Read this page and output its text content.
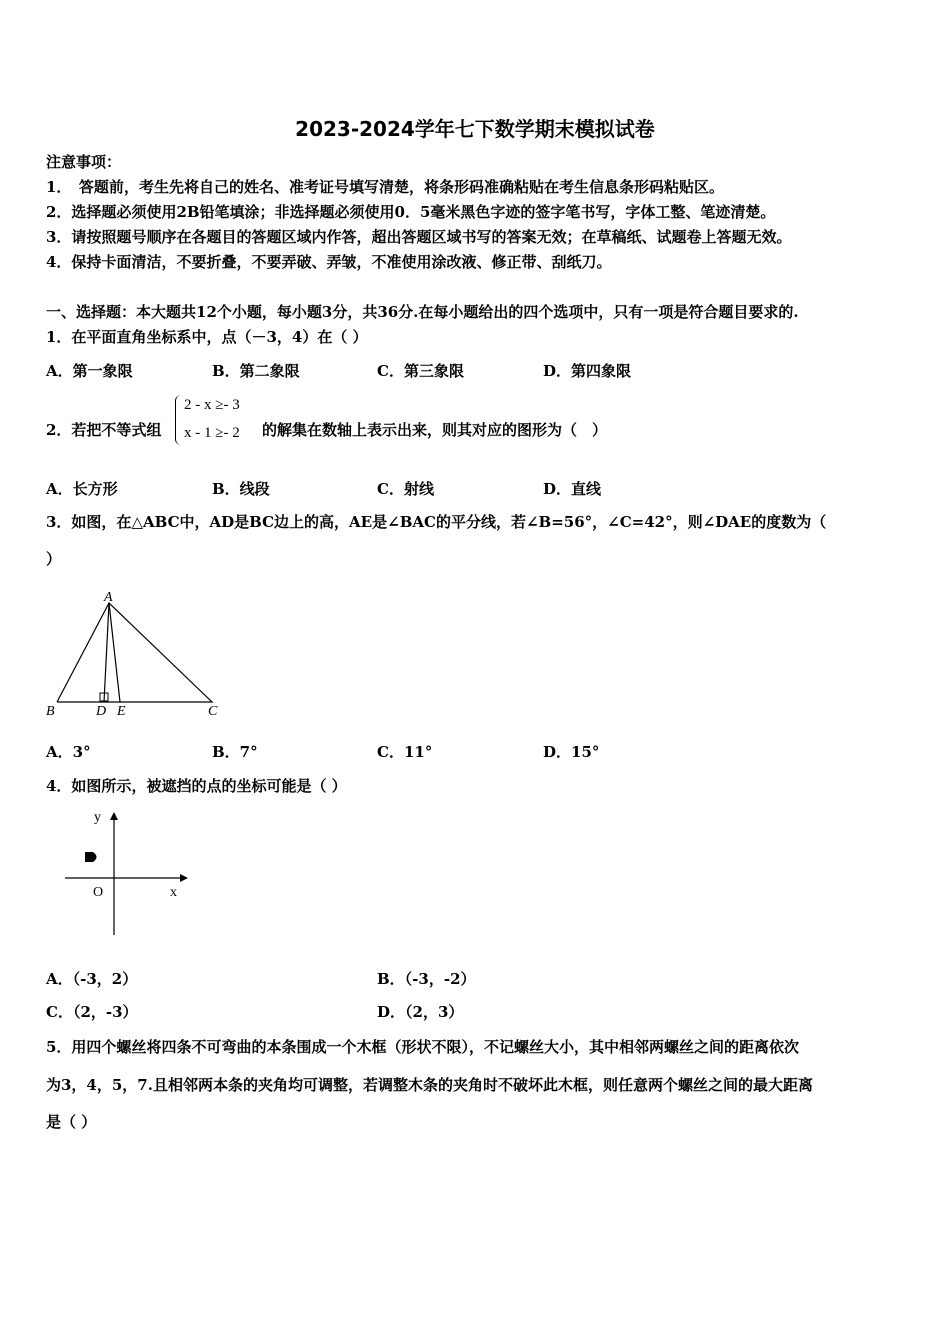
2023-2024学年七下数学期末模拟试卷
注意事项：
1．　答题前，考生先将自己的姓名、准考证号填写清楚，将条形码准确粘贴在考生信息条形码粘贴区。
2．选择题必须使用2B铅笔填涂；非选择题必须使用0．5毫米黑色字迹的签字笔书写，字体工整、笔迹清楚。
3．请按照题号顺序在各题目的答题区域内作答，超出答题区域书写的答案无效；在草稿纸、试题卷上答题无效。
4．保持卡面清洁，不要折叠，不要弄破、弄皱，不准使用涂改液、修正带、刮纸刀。
一、选择题：本大题共12个小题，每小题3分，共36分.在每小题给出的四个选项中，只有一项是符合题目要求的.
1．在平面直角坐标系中，点（－3，4）在（ ）
A．第一象限	B．第二象限	C．第三象限	D．第四象限
2．若把不等式组
2 - x ≥- 3
x - 1 ≥- 2 的解集在数轴上表示出来，则其对应的图形为（　）
A．长方形	B．线段	C．射线	D．直线
3．如图，在△ABC中，AD是BC边上的高，AE是∠BAC的平分线，若∠B=56°，∠C=42°，则∠DAE的度数为（
）
A
B	D E	C
A．3°	B．7°	C．11°	D．15°
4．如图所示，被遮挡的点的坐标可能是（ ）
y
O	x
A．（-3，2）	B．（-3，-2）
C．（2，-3）	D．（2，3）
5．用四个螺丝将四条不可弯曲的本条围成一个木框（形状不限），不记螺丝大小，其中相邻两螺丝之间的距离依次
为3，4，5，7.且相邻两本条的夹角均可调整，若调整木条的夹角时不破坏此木框，则任意两个螺丝之间的最大距离
是（ ）
